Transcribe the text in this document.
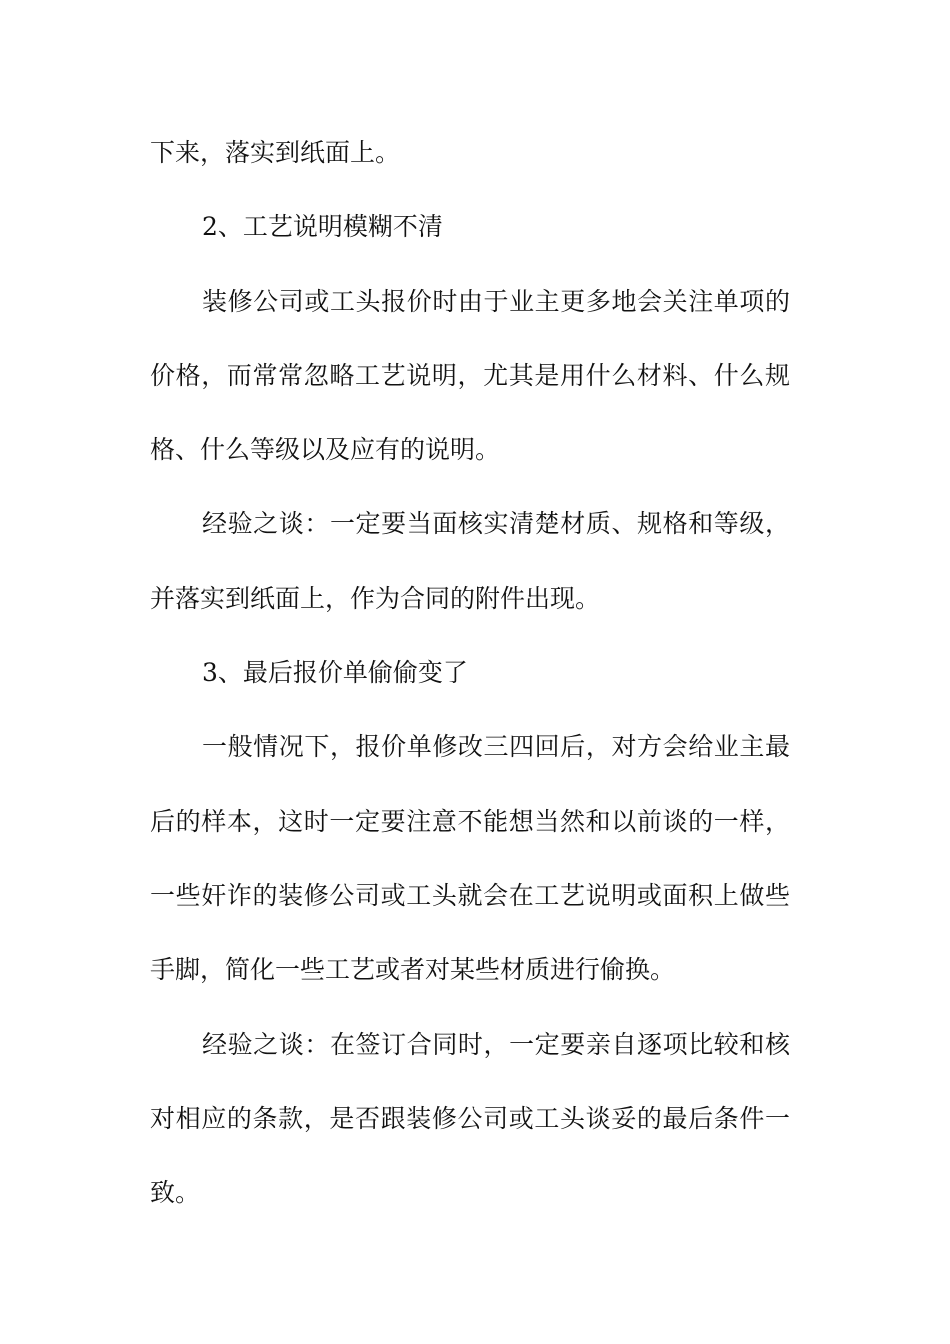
下来，落实到纸面上。
2、工艺说明模糊不清
装修公司或工头报价时由于业主更多地会关注单项的
价格，而常常忽略工艺说明，尤其是用什么材料、什么规
格、什么等级以及应有的说明。
经验之谈：一定要当面核实清楚材质、规格和等级，
并落实到纸面上，作为合同的附件出现。
3、最后报价单偷偷变了
一般情况下，报价单修改三四回后，对方会给业主最
后的样本，这时一定要注意不能想当然和以前谈的一样，
一些奸诈的装修公司或工头就会在工艺说明或面积上做些
手脚，简化一些工艺或者对某些材质进行偷换。
经验之谈：在签订合同时，一定要亲自逐项比较和核
对相应的条款，是否跟装修公司或工头谈妥的最后条件一
致。
